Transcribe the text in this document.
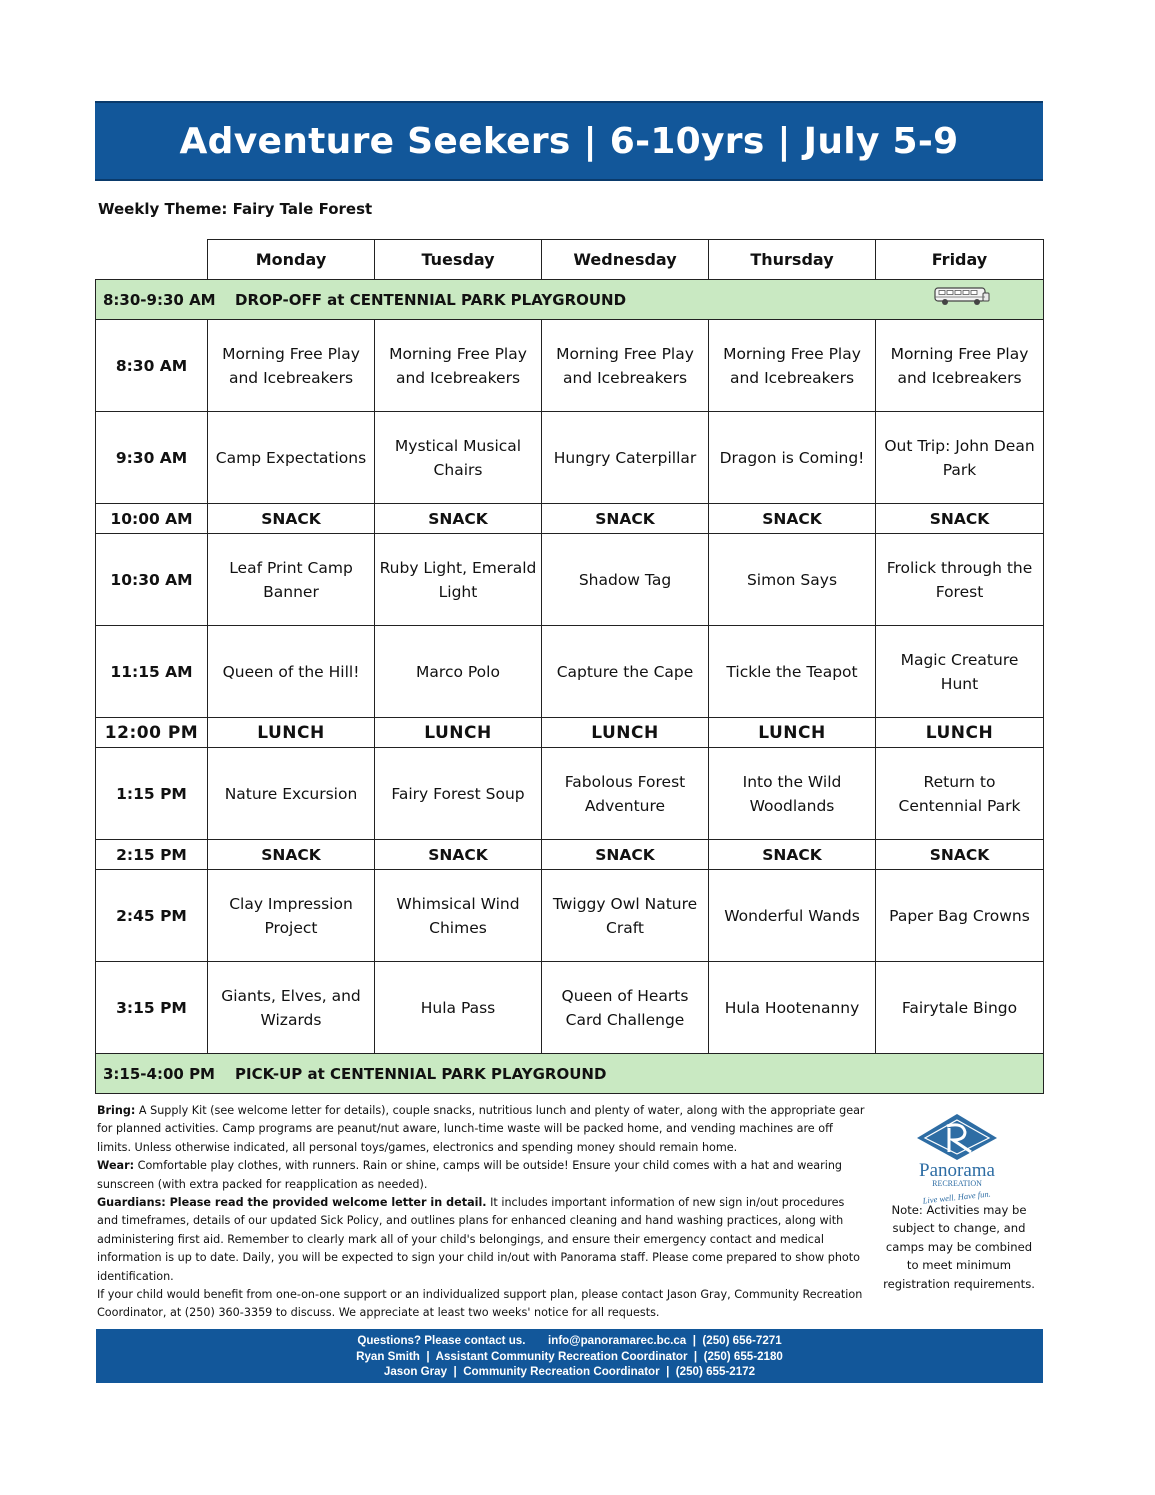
Adventure Seekers | 6-10yrs | July 5-9
Weekly Theme: Fairy Tale Forest
	Monday	Tuesday	Wednesday	Thursday	Friday

8:30-9:30 AM DROP-OFF at CENTENNIAL PARK PLAYGROUND					

8:30 AM	Morning Free Play and Icebreakers	Morning Free Play and Icebreakers	Morning Free Play and Icebreakers	Morning Free Play and Icebreakers	Morning Free Play and Icebreakers
9:30 AM	Camp Expectations	Mystical Musical Chairs	Hungry Caterpillar	Dragon is Coming!	Out Trip: John Dean Park
10:00 AM	SNACK	SNACK	SNACK	SNACK	SNACK
10:30 AM	Leaf Print Camp Banner	Ruby Light, Emerald Light	Shadow Tag	Simon Says	Frolick through the Forest
11:15 AM	Queen of the Hill!	Marco Polo	Capture the Cape	Tickle the Teapot	Magic Creature Hunt
12:00 PM	LUNCH	LUNCH	LUNCH	LUNCH	LUNCH
1:15 PM	Nature Excursion	Fairy Forest Soup	Fabolous Forest Adventure	Into the Wild Woodlands	Return to Centennial Park
2:15 PM	SNACK	SNACK	SNACK	SNACK	SNACK
2:45 PM	Clay Impression Project	Whimsical Wind Chimes	Twiggy Owl Nature Craft	Wonderful Wands	Paper Bag Crowns
3:15 PM	Giants, Elves, and Wizards	Hula Pass	Queen of Hearts Card Challenge	Hula Hootenanny	Fairytale Bingo

3:15-4:00 PM PICK-UP at CENTENNIAL PARK PLAYGROUND					

Bring: A Supply Kit (see welcome letter for details), couple snacks, nutritious lunch and plenty of water, along with the appropriate gear for planned activities. Camp programs are peanut/nut aware, lunch-time waste will be packed home, and vending machines are off limits. Unless otherwise indicated, all personal toys/games, electronics and spending money should remain home.

Wear: Comfortable play clothes, with runners. Rain or shine, camps will be outside! Ensure your child comes with a hat and wearing sunscreen (with extra packed for reapplication as needed).

Guardians: Please read the provided welcome letter in detail. It includes important information of new sign in/out procedures and timeframes, details of our updated Sick Policy, and outlines plans for enhanced cleaning and hand washing practices, along with administering first aid. Remember to clearly mark all of your child's belongings, and ensure their emergency contact and medical information is up to date. Daily, you will be expected to sign your child in/out with Panorama staff. Please come prepared to show photo identification.

If your child would benefit from one-on-one support or an individualized support plan, please contact Jason Gray, Community Recreation Coordinator, at (250) 360-3359 to discuss. We appreciate at least two weeks' notice for all requests.

Panorama
RECREATION
Live well. Have fun.
Note: Activities may be subject to change, and camps may be combined to meet minimum registration requirements.
Questions? Please contact us.       info@panoramarec.bc.ca  |  (250) 656-7271
Ryan Smith  |  Assistant Community Recreation Coordinator  |  (250) 655-2180
Jason Gray  |  Community Recreation Coordinator  |  (250) 655-2172
